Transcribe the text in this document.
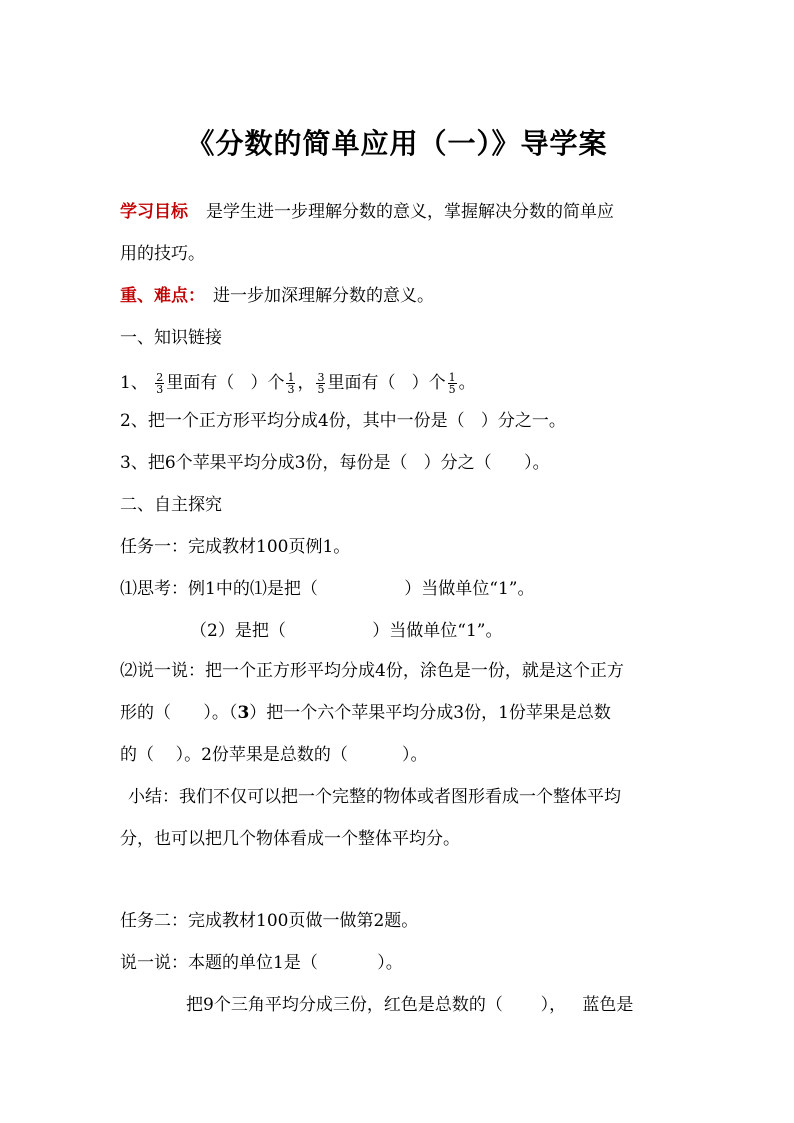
《分数的简单应用（一）》导学案
学习目标 是学生进一步理解分数的意义，掌握解决分数的简单应
用的技巧。
重、难点： 进一步加深理解分数的意义。
一、知识链接
1、 $\frac{2}{3}$ 里面有（   ）个 $\frac{1}{3}$ ， $\frac{3}{5}$ 里面有（   ）个 $\frac{1}{5}$ 。
2、把一个正方形平均分成4份，其中一份是（   ）分之一。
3、把6个苹果平均分成3份，每份是（   ）分之（      ）。
二、自主探究
任务一：完成教材100页例1。
⑴思考：例1中的⑴是把（                ）当做单位“1”。
（2）是把（                ）当做单位“1”。
⑵说一说：把一个正方形平均分成4份，涂色是一份，就是这个正方
形的（      ）。（3）把一个六个苹果平均分成3份，1份苹果是总数
的（    ）。2份苹果是总数的（          ）。
小结：我们不仅可以把一个完整的物体或者图形看成一个整体平均
分，也可以把几个物体看成一个整体平均分。
任务二：完成教材100页做一做第2题。
说一说：本题的单位1是（           ）。
把9个三角平均分成三份，红色是总数的（       ），   蓝色是
